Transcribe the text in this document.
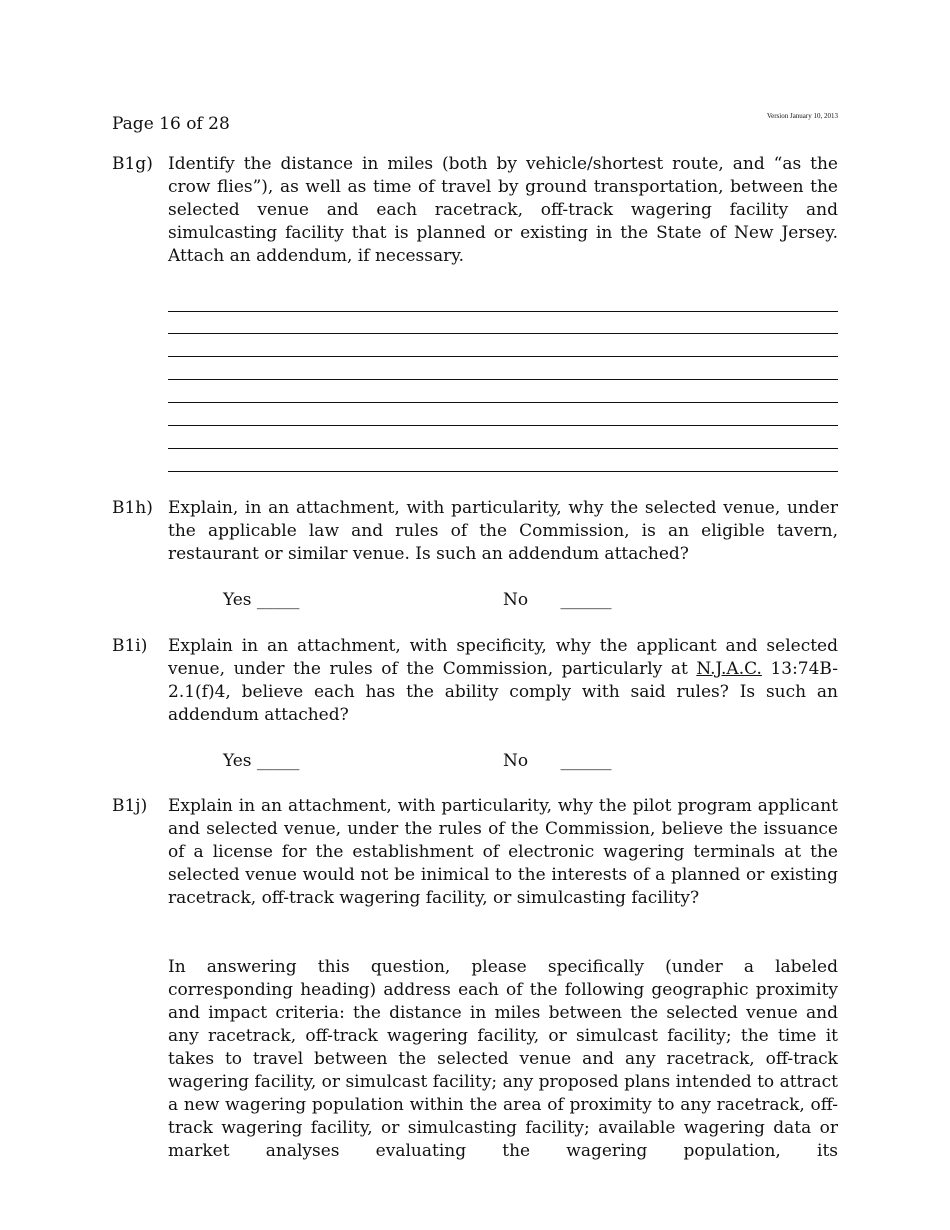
Page 16 of 28	Version January 10, 2013
B1g) Identify the distance in miles (both by vehicle/shortest route, and “as the crow flies”), as well as time of travel by ground transportation, between the selected venue and each racetrack, off-track wagering facility and simulcasting facility that is planned or existing in the State of New Jersey. Attach an addendum, if necessary.

B1h) Explain, in an attachment, with particularity, why the selected venue, under the applicable law and rules of the Commission, is an eligible tavern, restaurant or similar venue. Is such an addendum attached?

Yes _____	No      ______
B1i) Explain in an attachment, with specificity, why the applicant and selected venue, under the rules of the Commission, particularly at N.J.A.C. 13:74B-2.1(f)4, believe each has the ability comply with said rules? Is such an addendum attached?

Yes _____	No      ______
B1j) Explain in an attachment, with particularity, why the pilot program applicant and selected venue, under the rules of the Commission, believe the issuance of a license for the establishment of electronic wagering terminals at the selected venue would not be inimical to the interests of a planned or existing racetrack, off-track wagering facility, or simulcasting facility?

In answering this question, please specifically (under a labeled corresponding heading) address each of the following geographic proximity and impact criteria: the distance in miles between the selected venue and any racetrack, off-track wagering facility, or simulcast facility; the time it takes to travel between the selected venue and any racetrack, off-track wagering facility, or simulcast facility; any proposed plans intended to attract a new wagering population within the area of proximity to any racetrack, off-track wagering facility, or simulcasting facility; available wagering data or market analyses evaluating the wagering population, its
